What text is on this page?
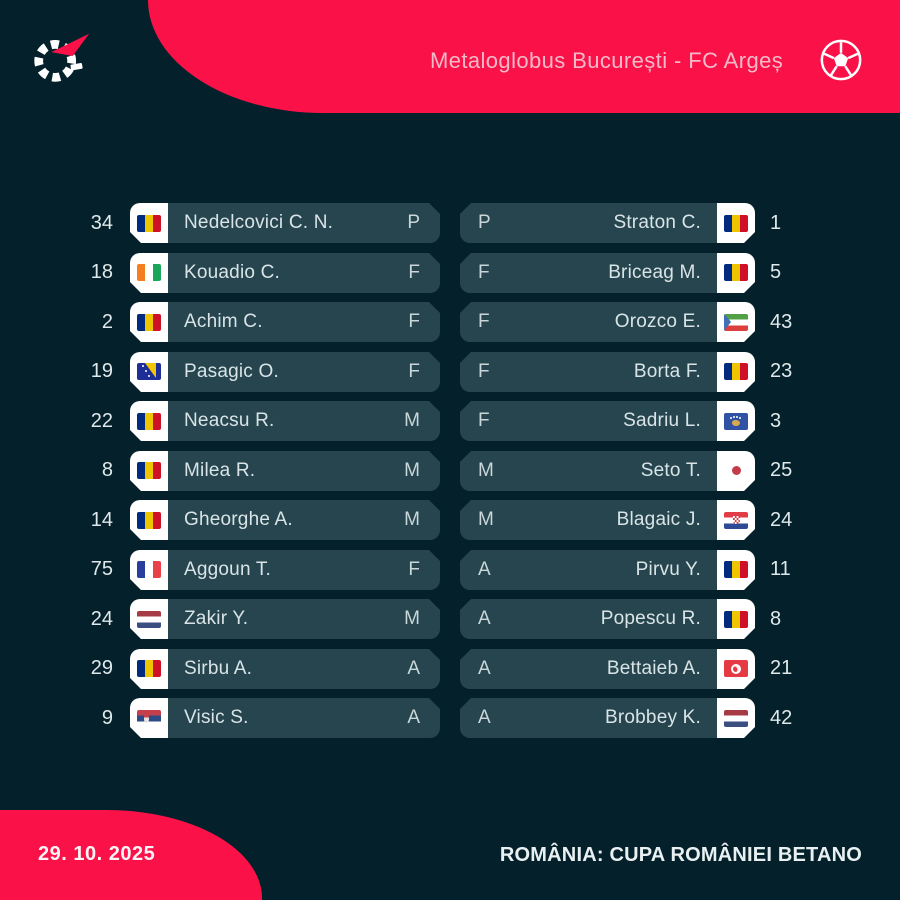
Metaloglobus București - FC Argeș
34	Nedelcovici C. N.	P
18	Kouadio C.	F
2	Achim C.	F
19	Pasagic O.	F
22	Neacsu R.	M
8	Milea R.	M
14	Gheorghe A.	M
75	Aggoun T.	F
24	Zakir Y.	M
29	Sirbu A.	A
9	Visic S.	A
P	Straton C.	1
F	Briceag M.	5
F	Orozco E.	43
F	Borta F.	23
F	Sadriu L.	3
M	Seto T.	25
M	Blagaic J.	24
A	Pirvu Y.	11
A	Popescu R.	8
A	Bettaieb A.	21
A	Brobbey K.	42
29. 10. 2025	ROMÂNIA: CUPA ROMÂNIEI BETANO
